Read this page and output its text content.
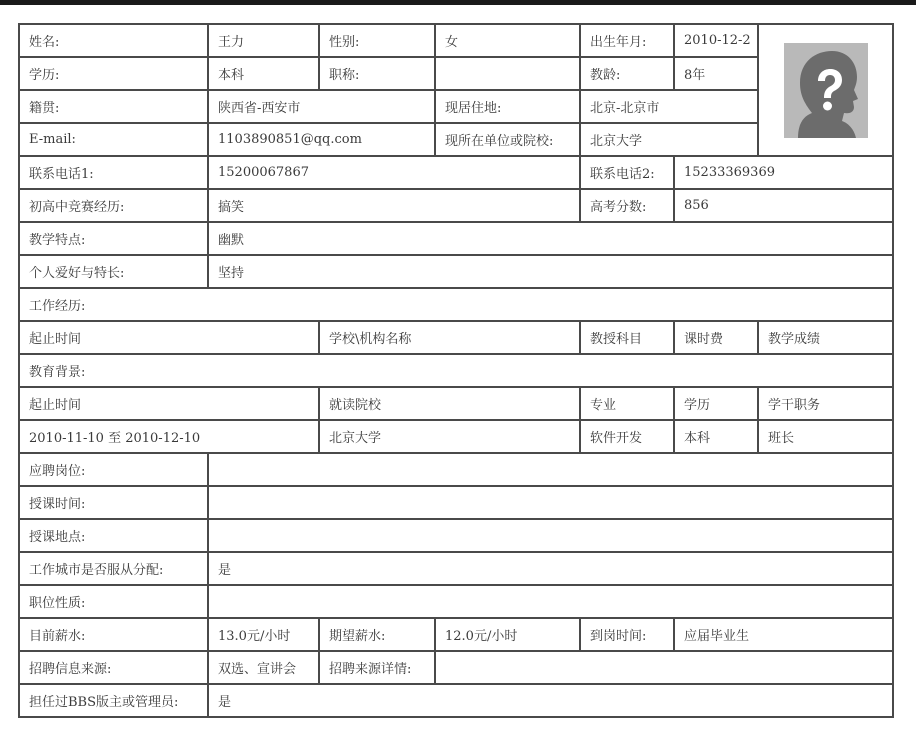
姓名:	王力	性别:	女	出生年月:	2010-12-2	

学历:	本科	职称:		教龄:	8年	
籍贯:	陕西省-西安市		现居住地:	北京-北京市		
E-mail:	1103890851@qq.com		现所在单位或院校:	北京大学		
联系电话1:	15200067867			联系电话2:	15233369369	
初高中竞赛经历:	搞笑			高考分数:	856	
教学特点:	幽默					
个人爱好与特长:	坚持					
工作经历:						
起止时间		学校\机构名称		教授科目	课时费	教学成绩
教育背景:						
起止时间		就读院校		专业	学历	学干职务
2010-11-10 至 2010-12-10		北京大学		软件开发	本科	班长
应聘岗位:						
授课时间:						
授课地点:						
工作城市是否服从分配:	是					
职位性质:						
目前薪水:	13.0元/小时	期望薪水:	12.0元/小时	到岗时间:	应届毕业生	
招聘信息来源:	双选、宣讲会	招聘来源详情:				
担任过BBS版主或管理员:	是					
